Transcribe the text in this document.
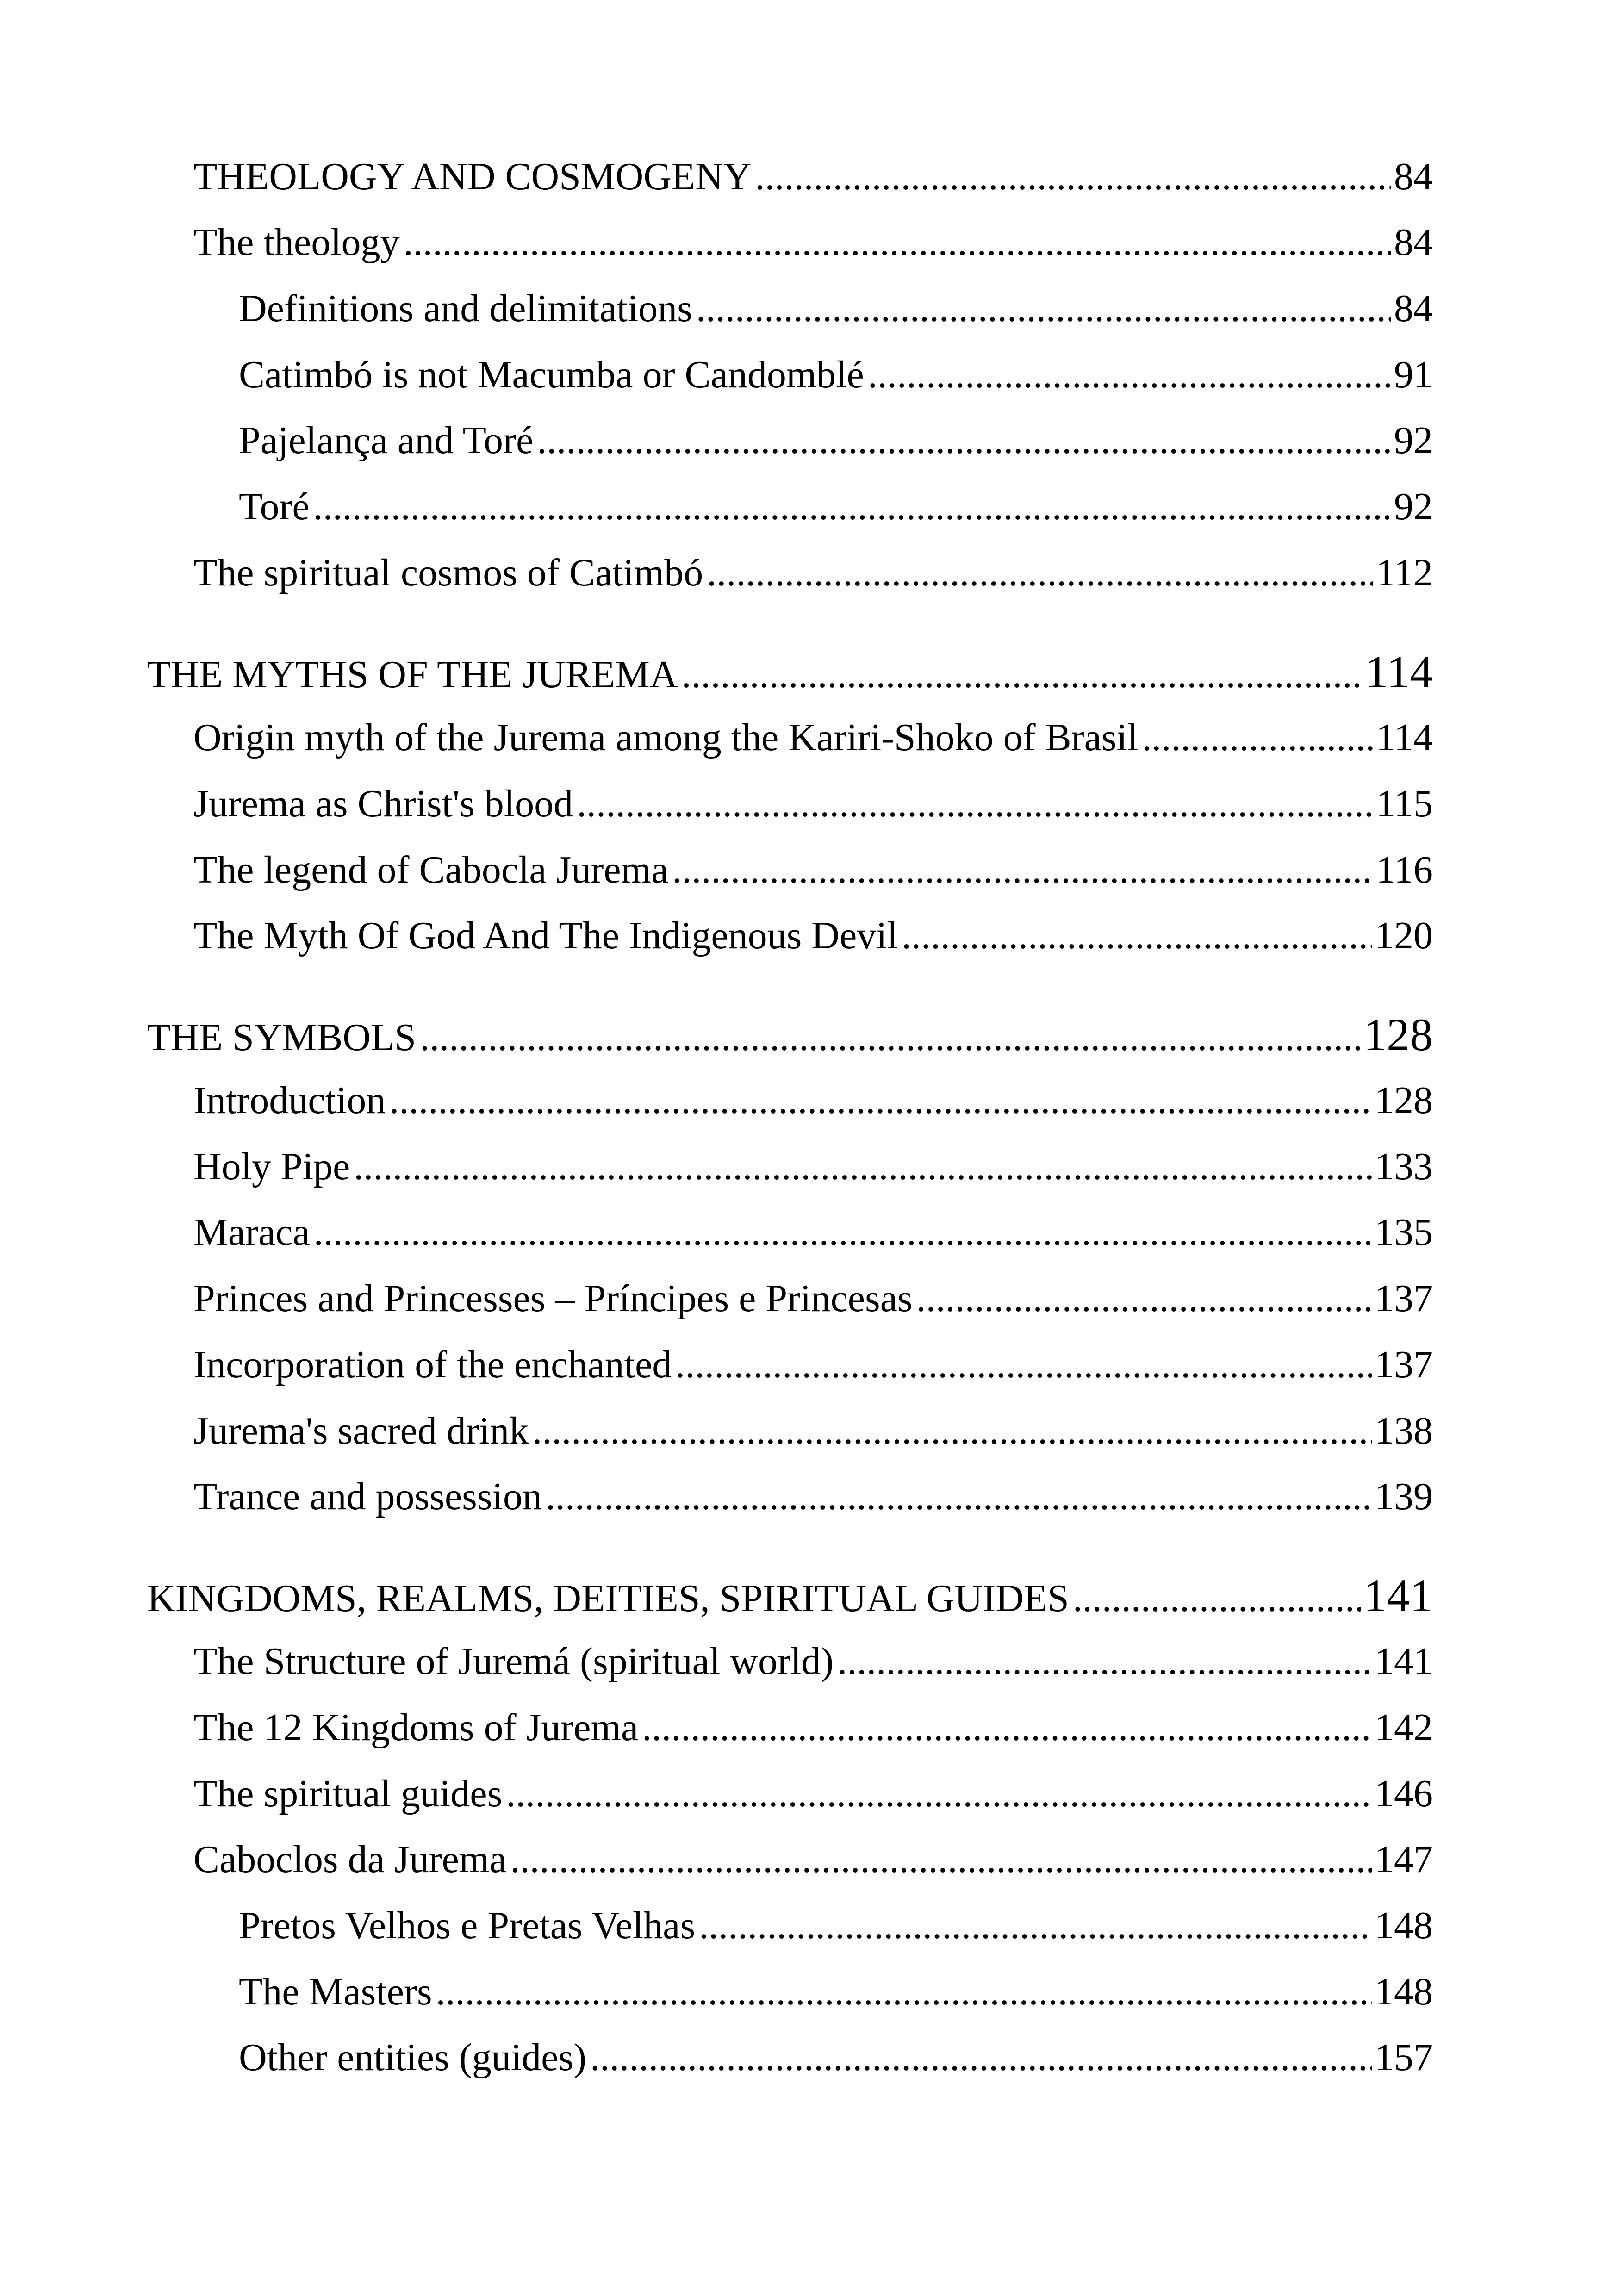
THEOLOGY AND COSMOGENY .....	84
The theology .....	84
Definitions and delimitations .....	84
Catimbó is not Macumba or Candomblé .....	91
Pajelança and Toré .....	92
Toré .....	92
The spiritual cosmos of Catimbó .....	112
THE MYTHS OF THE JUREMA .....	114
Origin myth of the Jurema among the Kariri-Shoko of Brasil .....	114
Jurema as Christ's blood .....	115
The legend of Cabocla Jurema .....	116
The Myth Of God And The Indigenous Devil .....	120
THE SYMBOLS .....	128
Introduction .....	128
Holy Pipe .....	133
Maraca .....	135
Princes and Princesses – Príncipes e Princesas .....	137
Incorporation of the enchanted .....	137
Jurema's sacred drink .....	138
Trance and possession .....	139
KINGDOMS, REALMS, DEITIES, SPIRITUAL GUIDES .....	141
The Structure of Juremá (spiritual world) .....	141
The 12 Kingdoms of Jurema .....	142
The spiritual guides .....	146
Caboclos da Jurema .....	147
Pretos Velhos e Pretas Velhas .....	148
The Masters .....	148
Other entities (guides) .....	157
